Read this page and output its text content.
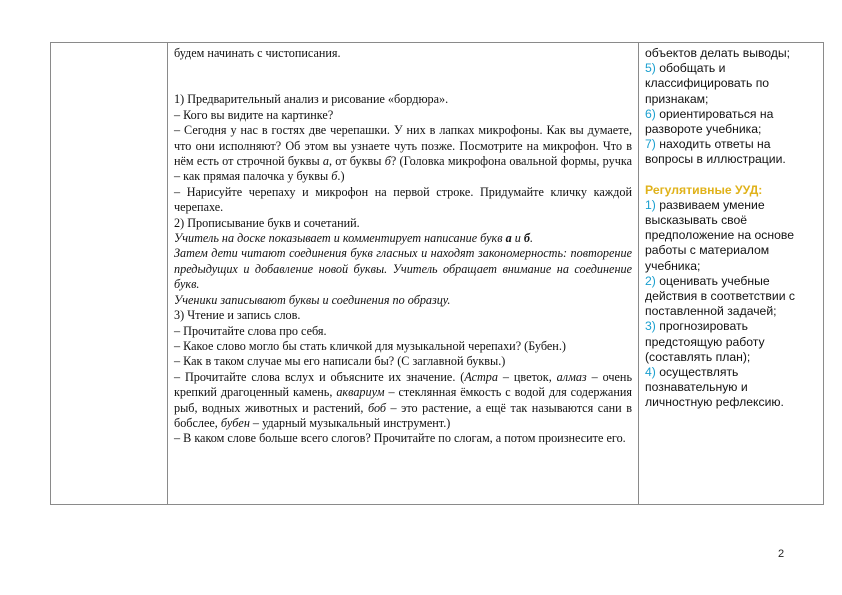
будем начинать с чистописания.

1) Предварительный анализ и рисование «бордюра».

– Кого вы видите на картинке?

– Сегодня у нас в гостях две черепашки. У них в лапках микрофоны. Как вы думаете, что они исполняют? Об этом вы узнаете чуть позже. Посмотрите на микрофон. Что в нём есть от строчной буквы а, от буквы б? (Головка микрофона овальной формы, ручка – как прямая палочка у буквы б.)

– Нарисуйте черепаху и микрофон на первой строке. Придумайте кличку каждой черепахе.

2) Прописывание букв и сочетаний.

Учитель на доске показывает и комментирует написание букв а и б.

Затем дети читают соединения букв гласных и находят закономерность: повторение предыдущих и добавление новой буквы. Учитель обращает внимание на соединение букв.

Ученики записывают буквы и соединения по образцу.

3) Чтение и запись слов.

– Прочитайте слова про себя.

– Какое слово могло бы стать кличкой для музыкальной черепахи? (Бубен.)

– Как в таком случае мы его написали бы? (С заглавной буквы.)

– Прочитайте слова вслух и объясните их значение. (Астра – цветок, алмаз – очень крепкий драгоценный камень, аквариум – стеклянная ёмкость с водой для содержания рыб, водных животных и растений, боб – это растение, а ещё так называются сани в бобслее, бубен – ударный музыкальный инструмент.)

– В каком слове больше всего слогов? Прочитайте по слогам, а потом произнесите его.

объектов делать выводы;

5) обобщать и классифицировать по признакам;

6) ориентироваться на развороте учебника;

7) находить ответы на вопросы в иллюстрации.

Регулятивные УУД:

1) развиваем умение высказывать своё предположение на основе работы с материалом учебника;

2) оценивать учебные действия в соответствии с поставленной задачей;

3) прогнозировать предстоящую работу (составлять план);

4) осуществлять познавательную и личностную рефлексию.

2
